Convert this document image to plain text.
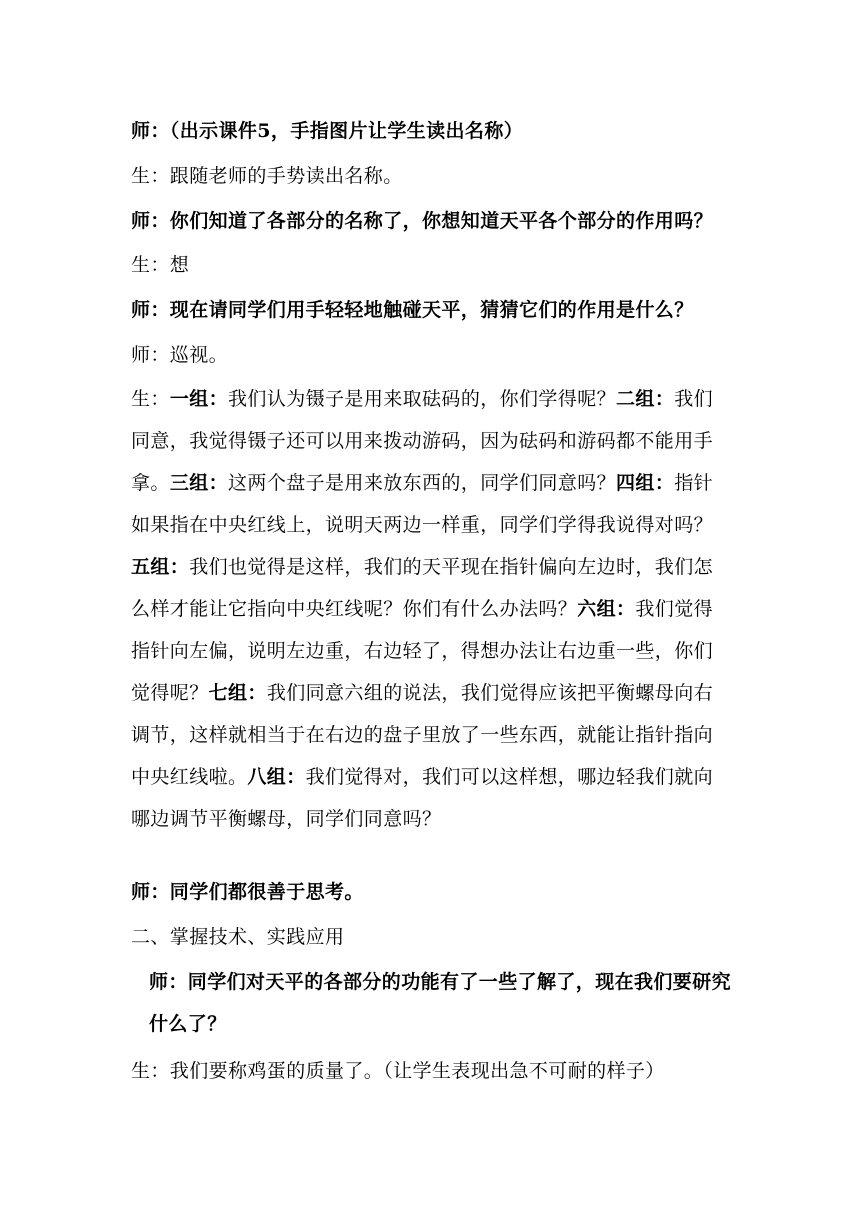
师：（出示课件5，手指图片让学生读出名称）
生：跟随老师的手势读出名称。
师：你们知道了各部分的名称了，你想知道天平各个部分的作用吗？
生：想
师：现在请同学们用手轻轻地触碰天平，猜猜它们的作用是什么？
师：巡视。
生：一组：我们认为镊子是用来取砝码的，你们学得呢？二组：我们同意，我觉得镊子还可以用来拨动游码，因为砝码和游码都不能用手拿。三组：这两个盘子是用来放东西的，同学们同意吗？四组：指针如果指在中央红线上，说明天两边一样重，同学们学得我说得对吗？五组：我们也觉得是这样，我们的天平现在指针偏向左边时，我们怎么样才能让它指向中央红线呢？你们有什么办法吗？六组：我们觉得指针向左偏，说明左边重，右边轻了，得想办法让右边重一些，你们觉得呢？七组：我们同意六组的说法，我们觉得应该把平衡螺母向右调节，这样就相当于在右边的盘子里放了一些东西，就能让指针指向中央红线啦。八组：我们觉得对，我们可以这样想，哪边轻我们就向哪边调节平衡螺母，同学们同意吗？
师：同学们都很善于思考。
二、掌握技术、实践应用
师：同学们对天平的各部分的功能有了一些了解了，现在我们要研究什么了？
生：我们要称鸡蛋的质量了。（让学生表现出急不可耐的样子）
